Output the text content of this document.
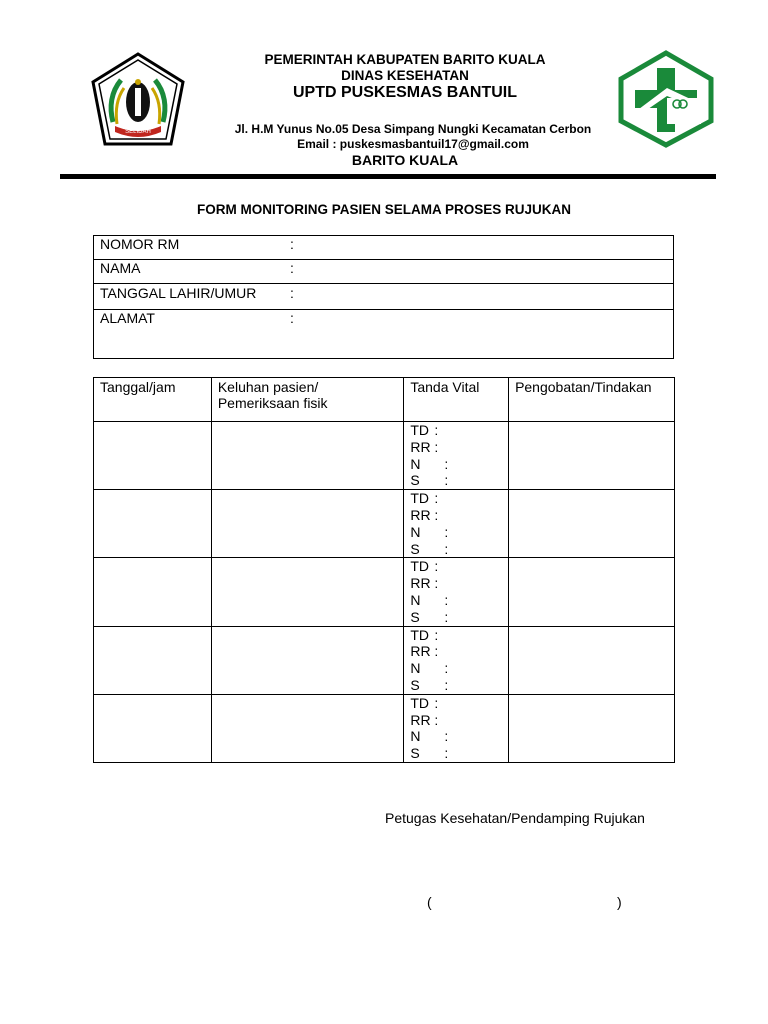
SELIDAH
PEMERINTAH KABUPATEN BARITO KUALA
DINAS KESEHATAN
UPTD PUSKESMAS BANTUIL
Jl. H.M Yunus No.05 Desa Simpang Nungki Kecamatan Cerbon
Email : puskesmasbantuil17@gmail.com
BARITO KUALA
FORM MONITORING PASIEN SELAMA PROSES RUJUKAN
NOMOR RM	:
NAMA	:
TANGGAL LAHIR/UMUR :
ALAMAT	:
Tanggal/jam	Keluhan pasien/ Pemeriksaan fisik	Tanda Vital	Pengobatan/Tindakan

		TD :
RR :
N :
S :	

		TD :
RR :
N :
S :	

		TD :
RR :
N :
S :	

		TD :
RR :
N :
S :	

		TD :
RR :
N :
S :	

Petugas Kesehatan/Pendamping Rujukan
(	)
